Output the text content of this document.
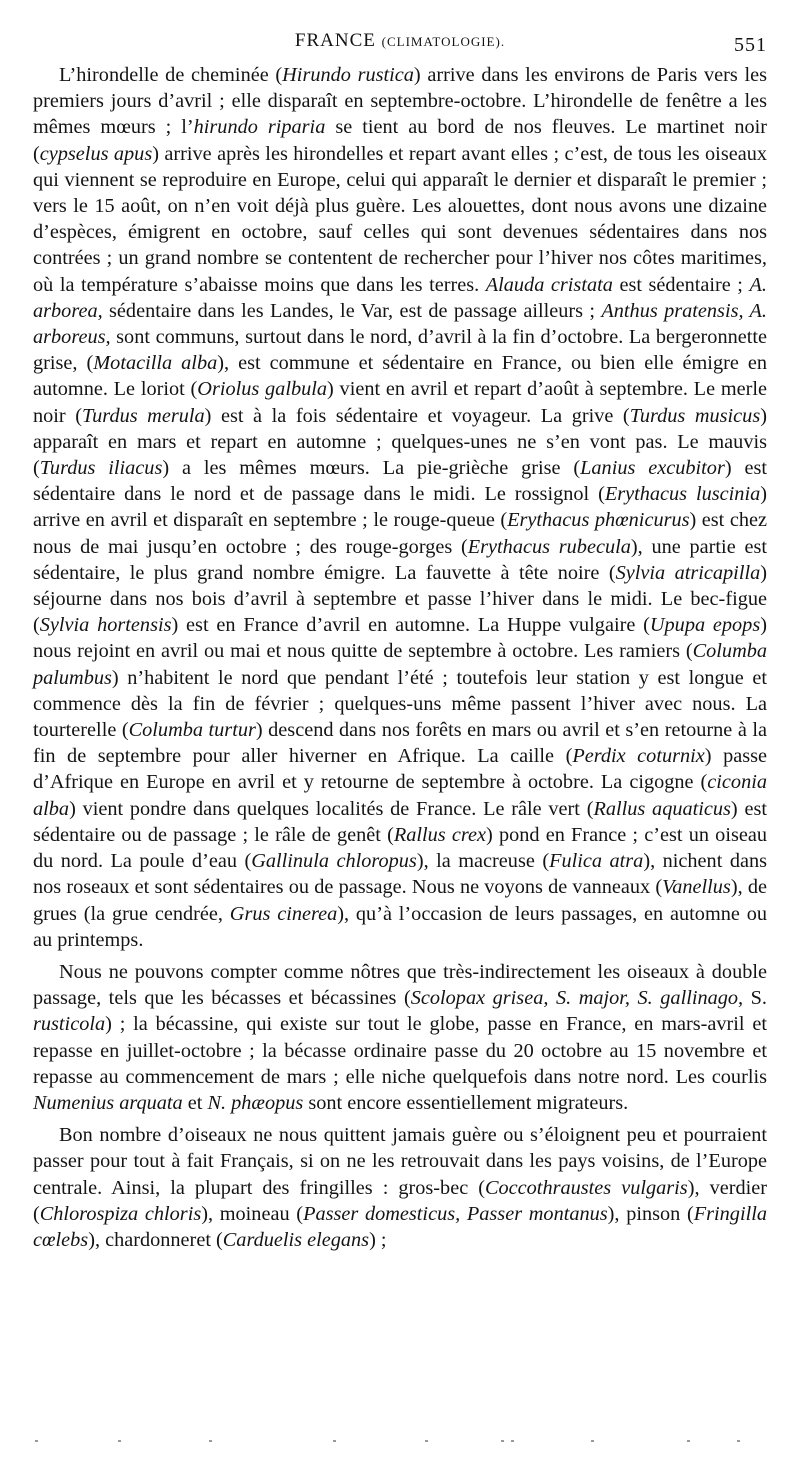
FRANCE (CLIMATOLOGIE).	551

L’hirondelle de cheminée (Hirundo rustica) arrive dans les environs de Paris vers les premiers jours d’avril ; elle disparaît en septembre-octobre. L’hirondelle de fenêtre a les mêmes mœurs ; l’hirundo riparia se tient au bord de nos fleuves. Le martinet noir (cypselus apus) arrive après les hirondelles et repart avant elles ; c’est, de tous les oiseaux qui viennent se reproduire en Europe, celui qui apparaît le dernier et disparaît le premier ; vers le 15 août, on n’en voit déjà plus guère. Les alouettes, dont nous avons une dizaine d’espèces, émigrent en octobre, sauf celles qui sont devenues sédentaires dans nos contrées ; un grand nombre se contentent de rechercher pour l’hiver nos côtes maritimes, où la température s’abaisse moins que dans les terres. Alauda cristata est sédentaire ; A. arborea, sédentaire dans les Landes, le Var, est de passage ailleurs ; Anthus pratensis, A. arboreus, sont communs, surtout dans le nord, d’avril à la fin d’octobre. La bergeronnette grise, (Motacilla alba), est commune et sédentaire en France, ou bien elle émigre en automne. Le loriot (Oriolus galbula) vient en avril et repart d’août à septembre. Le merle noir (Turdus merula) est à la fois sédentaire et voyageur. La grive (Turdus musicus) apparaît en mars et repart en automne ; quelques-unes ne s’en vont pas. Le mauvis (Turdus iliacus) a les mêmes mœurs. La pie-grièche grise (Lanius excubitor) est sédentaire dans le nord et de passage dans le midi. Le rossignol (Erythacus luscinia) arrive en avril et disparaît en septembre ; le rouge-queue (Erythacus phœnicurus) est chez nous de mai jusqu’en octobre ; des rouge-gorges (Erythacus rubecula), une partie est sédentaire, le plus grand nombre émigre. La fauvette à tête noire (Sylvia atricapilla) séjourne dans nos bois d’avril à septembre et passe l’hiver dans le midi. Le bec-figue (Sylvia hortensis) est en France d’avril en automne. La Huppe vulgaire (Upupa epops) nous rejoint en avril ou mai et nous quitte de septembre à octobre. Les ramiers (Columba palumbus) n’habitent le nord que pendant l’été ; toutefois leur station y est longue et commence dès la fin de février ; quelques-uns même passent l’hiver avec nous. La tourterelle (Columba turtur) descend dans nos forêts en mars ou avril et s’en retourne à la fin de septembre pour aller hiverner en Afrique. La caille (Perdix coturnix) passe d’Afrique en Europe en avril et y retourne de septembre à octobre. La cigogne (ciconia alba) vient pondre dans quelques localités de France. Le râle vert (Rallus aquaticus) est sédentaire ou de passage ; le râle de genêt (Rallus crex) pond en France ; c’est un oiseau du nord. La poule d’eau (Gallinula chloropus), la macreuse (Fulica atra), nichent dans nos roseaux et sont sédentaires ou de passage. Nous ne voyons de vanneaux (Vanellus), de grues (la grue cendrée, Grus cinerea), qu’à l’occasion de leurs passages, en automne ou au printemps.

Nous ne pouvons compter comme nôtres que très-indirectement les oiseaux à double passage, tels que les bécasses et bécassines (Scolopax grisea, S. major, S. gallinago, S. rusticola) ; la bécassine, qui existe sur tout le globe, passe en France, en mars-avril et repasse en juillet-octobre ; la bécasse ordinaire passe du 20 octobre au 15 novembre et repasse au commencement de mars ; elle niche quelquefois dans notre nord. Les courlis Numenius arquata et N. phæopus sont encore essentiellement migrateurs.

Bon nombre d’oiseaux ne nous quittent jamais guère ou s’éloignent peu et pourraient passer pour tout à fait Français, si on ne les retrouvait dans les pays voisins, de l’Europe centrale. Ainsi, la plupart des fringilles : gros-bec (Coccothraustes vulgaris), verdier (Chlorospiza chloris), moineau (Passer domesticus, Passer montanus), pinson (Fringilla cœlebs), chardonneret (Carduelis elegans) ;
